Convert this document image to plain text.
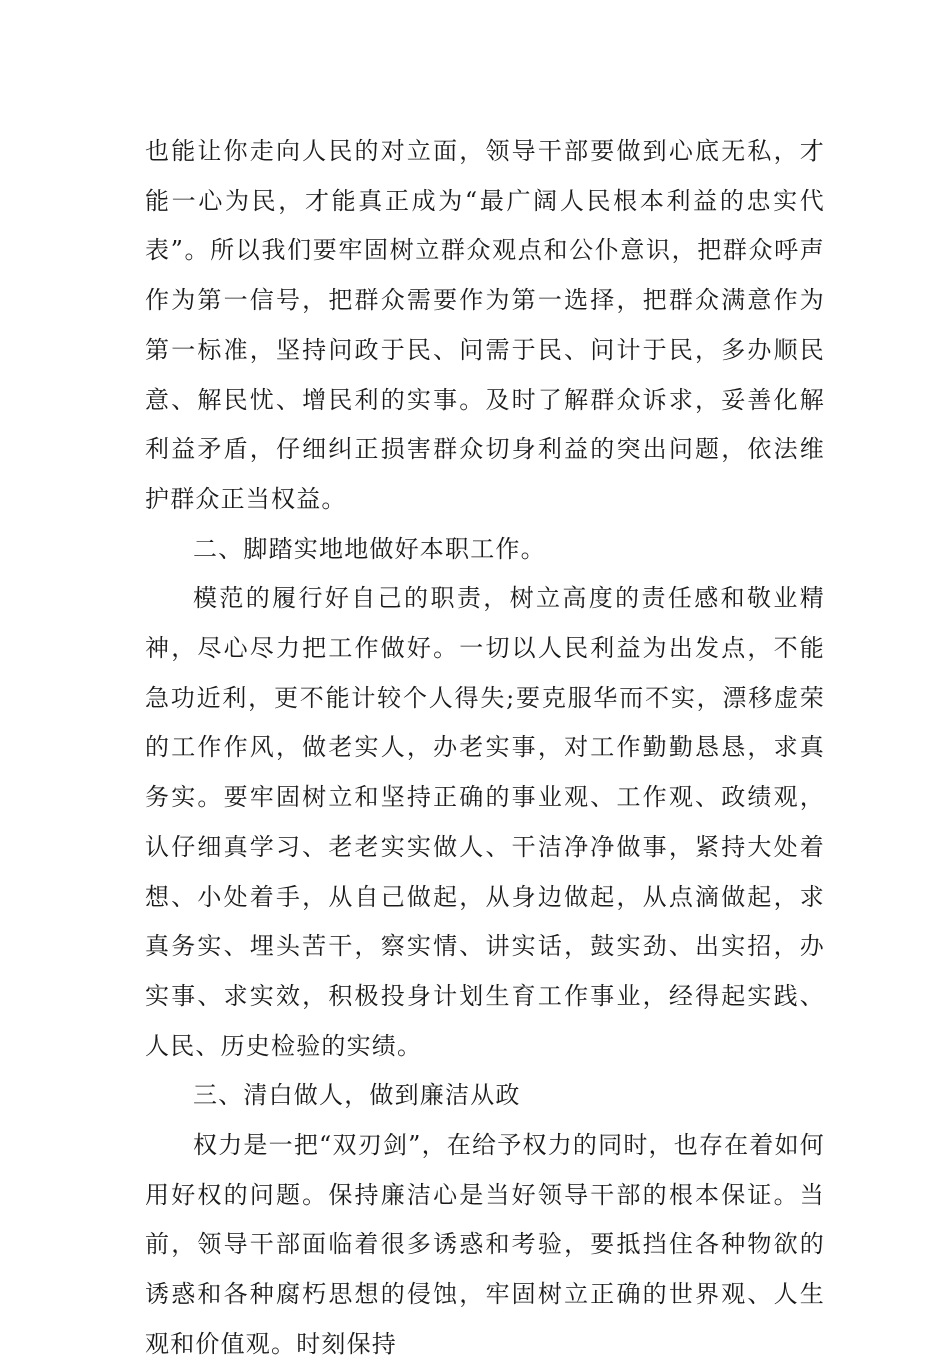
也能让你走向人民的对立面，领导干部要做到心底无私，才能一心为民，才能真正成为“最广阔人民根本利益的忠实代表”。所以我们要牢固树立群众观点和公仆意识，把群众呼声作为第一信号，把群众需要作为第一选择，把群众满意作为第一标准，坚持问政于民、问需于民、问计于民，多办顺民意、解民忧、增民利的实事。及时了解群众诉求，妥善化解利益矛盾，仔细纠正损害群众切身利益的突出问题，依法维护群众正当权益。

二、脚踏实地地做好本职工作。

模范的履行好自己的职责，树立高度的责任感和敬业精神，尽心尽力把工作做好。一切以人民利益为出发点，不能急功近利，更不能计较个人得失;要克服华而不实，漂移虚荣的工作作风，做老实人，办老实事，对工作勤勤恳恳，求真务实。要牢固树立和坚持正确的事业观、工作观、政绩观，认仔细真学习、老老实实做人、干洁净净做事，紧持大处着想、小处着手，从自己做起，从身边做起，从点滴做起，求真务实、埋头苦干，察实情、讲实话，鼓实劲、出实招，办实事、求实效，积极投身计划生育工作事业，经得起实践、人民、历史检验的实绩。

三、清白做人，做到廉洁从政

权力是一把“双刃剑”，在给予权力的同时，也存在着如何用好权的问题。保持廉洁心是当好领导干部的根本保证。当前，领导干部面临着很多诱惑和考验，要抵挡住各种物欲的诱惑和各种腐朽思想的侵蚀，牢固树立正确的世界观、人生观和价值观。时刻保持
